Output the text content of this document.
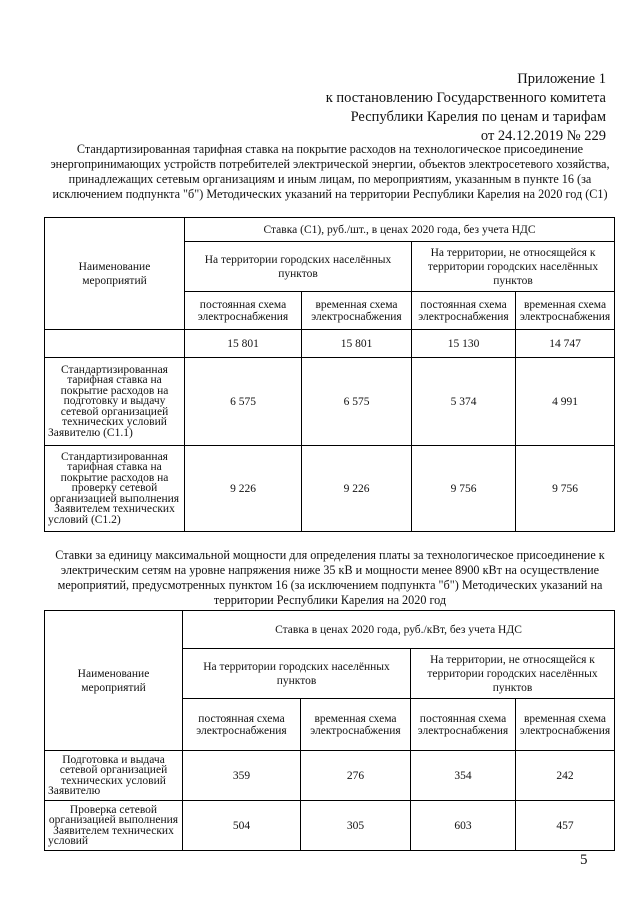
Приложение 1
к постановлению Государственного комитета
Республики Карелия по ценам и тарифам
от 24.12.2019 № 229
Стандартизированная тарифная ставка на покрытие расходов на технологическое присоединение энергопринимающих устройств потребителей электрической энергии, объектов электросетевого хозяйства, принадлежащих сетевым организациям и иным лицам, по мероприятиям, указанным в пункте 16 (за исключением подпункта "б") Методических указаний на территории Республики Карелия на 2020 год (С1)
Наименование мероприятий	Ставка (С1), руб./шт., в ценах 2020 года, без учета НДС			
	На территории городских населённых пунктов		На территории, не относящейся к территории городских населённых пунктов	
	постоянная схема электроснабжения	временная схема электроснабжения	постоянная схема электроснабжения	временная схема электроснабжения
	15 801	15 801	15 130	14 747
Стандартизированная тарифная ставка на покрытие расходов на подготовку и выдачу сетевой организацией технических условий Заявителю (С1.1)	6 575	6 575	5 374	4 991
Стандартизированная тарифная ставка на покрытие расходов на проверку сетевой организацией выполнения Заявителем технических условий (С1.2)	9 226	9 226	9 756	9 756
Ставки за единицу максимальной мощности для определения платы за технологическое присоединение к электрическим сетям на уровне напряжения ниже 35 кВ и мощности менее 8900 кВт на осуществление мероприятий, предусмотренных пунктом 16 (за исключением подпункта "б") Методических указаний на территории Республики Карелия на 2020 год
Наименование мероприятий	Ставка в ценах 2020 года, руб./кВт, без учета НДС			
	На территории городских населённых пунктов		На территории, не относящейся к территории городских населённых пунктов	
	постоянная схема электроснабжения	временная схема электроснабжения	постоянная схема электроснабжения	временная схема электроснабжения
Подготовка и выдача сетевой организацией технических условий Заявителю	359	276	354	242
Проверка сетевой организацией выполнения Заявителем технических условий	504	305	603	457
5
